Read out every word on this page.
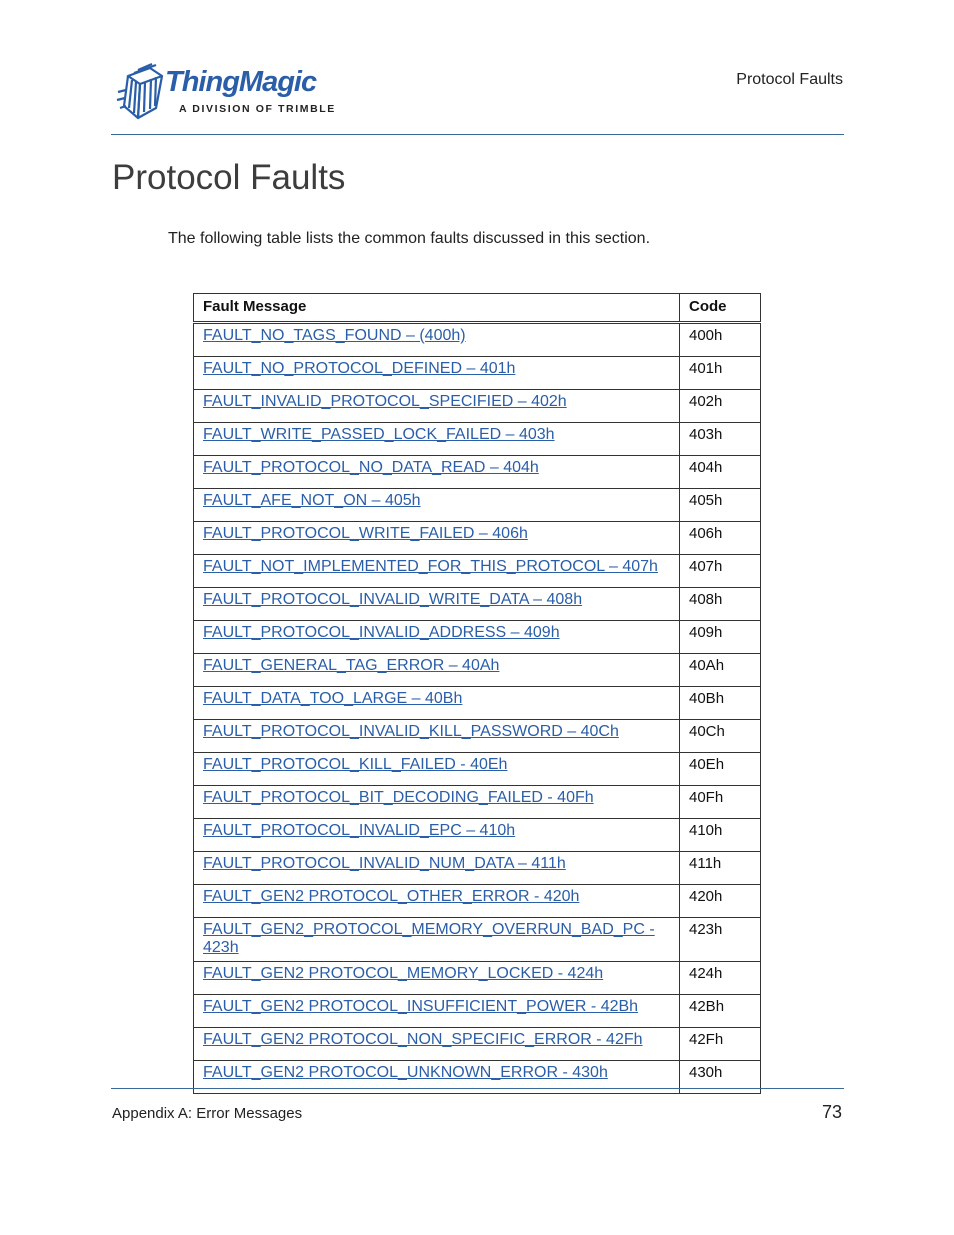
ThingMagic
A DIVISION OF TRIMBLE
Protocol Faults
Protocol Faults
The following table lists the common faults discussed in this section.
Fault Message	Code
FAULT_NO_TAGS_FOUND – (400h)	400h
FAULT_NO_PROTOCOL_DEFINED – 401h	401h
FAULT_INVALID_PROTOCOL_SPECIFIED – 402h	402h
FAULT_WRITE_PASSED_LOCK_FAILED – 403h	403h
FAULT_PROTOCOL_NO_DATA_READ – 404h	404h
FAULT_AFE_NOT_ON – 405h	405h
FAULT_PROTOCOL_WRITE_FAILED – 406h	406h
FAULT_NOT_IMPLEMENTED_FOR_THIS_PROTOCOL – 407h	407h
FAULT_PROTOCOL_INVALID_WRITE_DATA – 408h	408h
FAULT_PROTOCOL_INVALID_ADDRESS – 409h	409h
FAULT_GENERAL_TAG_ERROR – 40Ah	40Ah
FAULT_DATA_TOO_LARGE – 40Bh	40Bh
FAULT_PROTOCOL_INVALID_KILL_PASSWORD – 40Ch	40Ch
FAULT_PROTOCOL_KILL_FAILED - 40Eh	40Eh
FAULT_PROTOCOL_BIT_DECODING_FAILED - 40Fh	40Fh
FAULT_PROTOCOL_INVALID_EPC – 410h	410h
FAULT_PROTOCOL_INVALID_NUM_DATA – 411h	411h
FAULT_GEN2 PROTOCOL_OTHER_ERROR - 420h	420h
FAULT_GEN2_PROTOCOL_MEMORY_OVERRUN_BAD_PC - 423h	423h
FAULT_GEN2 PROTOCOL_MEMORY_LOCKED - 424h	424h
FAULT_GEN2 PROTOCOL_INSUFFICIENT_POWER - 42Bh	42Bh
FAULT_GEN2 PROTOCOL_NON_SPECIFIC_ERROR - 42Fh	42Fh
FAULT_GEN2 PROTOCOL_UNKNOWN_ERROR - 430h	430h
Appendix A: Error Messages	73
